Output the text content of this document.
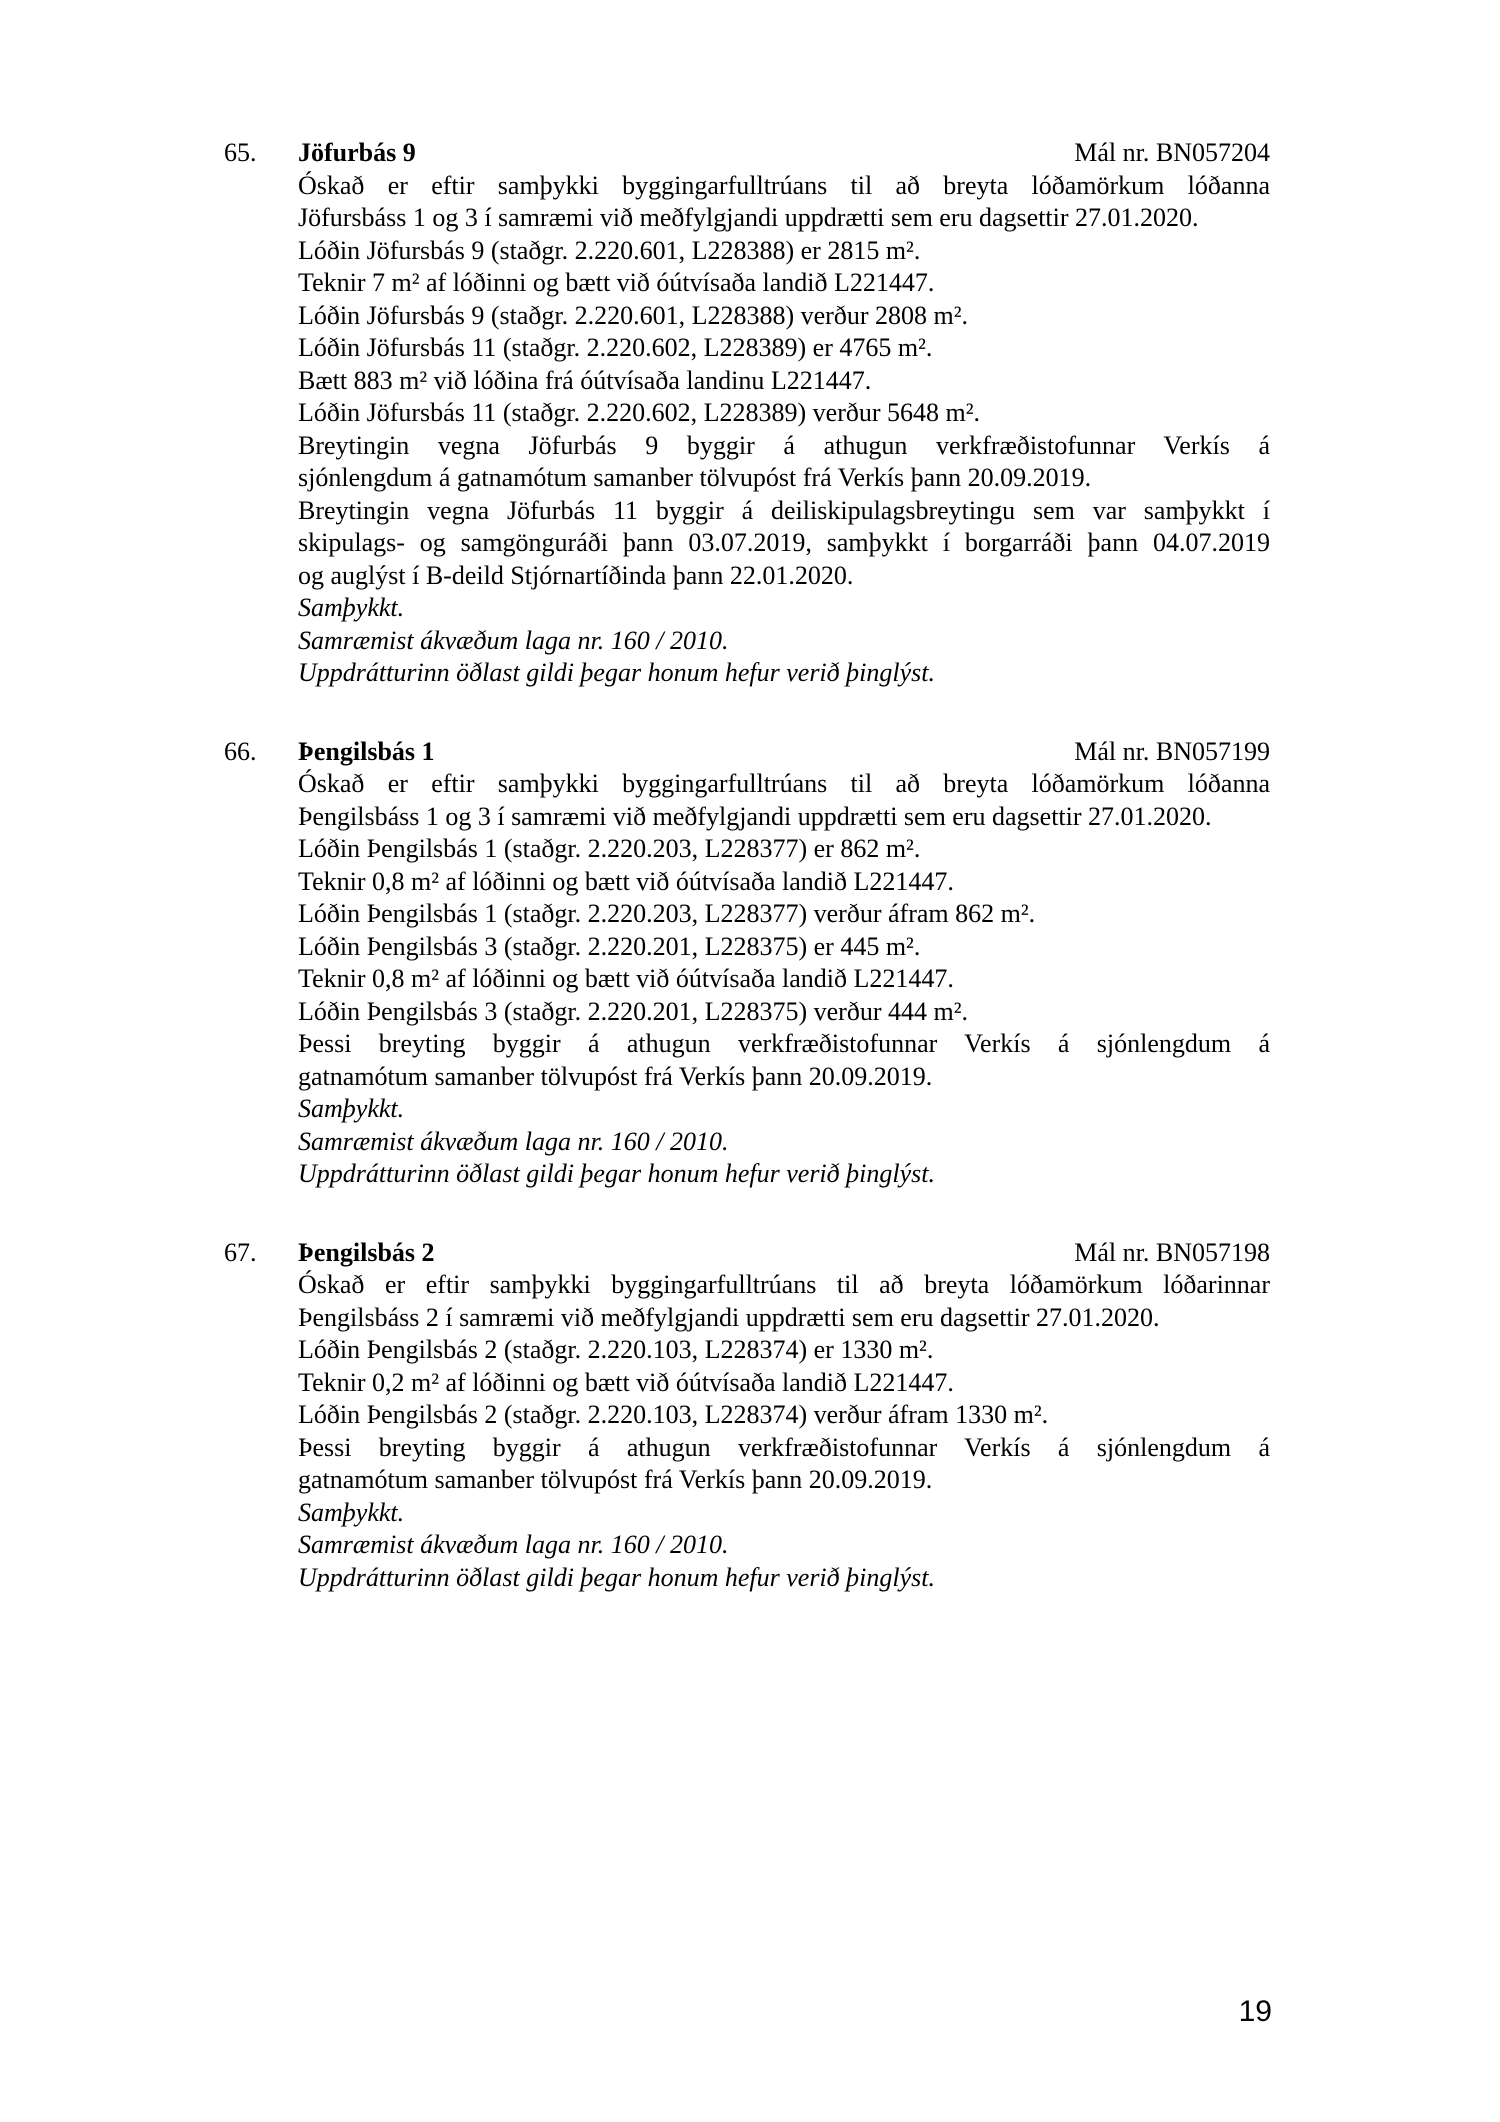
65.	Jöfurbás 9	Mál nr. BN057204
Óskað er eftir samþykki byggingarfulltrúans til að breyta lóðamörkum lóðanna
Jöfursbáss 1 og 3 í samræmi við meðfylgjandi uppdrætti sem eru dagsettir 27.01.2020.
Lóðin Jöfursbás 9 (staðgr. 2.220.601, L228388) er 2815 m².
Teknir 7 m² af lóðinni og bætt við óútvísaða landið L221447.
Lóðin Jöfursbás 9 (staðgr. 2.220.601, L228388) verður 2808 m².
Lóðin Jöfursbás 11 (staðgr. 2.220.602, L228389) er 4765 m².
Bætt 883 m² við lóðina frá óútvísaða landinu L221447.
Lóðin Jöfursbás 11 (staðgr. 2.220.602, L228389) verður 5648 m².
Breytingin vegna Jöfurbás 9 byggir á athugun verkfræðistofunnar Verkís á
sjónlengdum á gatnamótum samanber tölvupóst frá Verkís þann 20.09.2019.
Breytingin vegna Jöfurbás 11 byggir á deiliskipulagsbreytingu sem var samþykkt í
skipulags- og samgönguráði þann 03.07.2019, samþykkt í borgarráði þann 04.07.2019
og auglýst í B-deild Stjórnartíðinda þann 22.01.2020.
Samþykkt.
Samræmist ákvæðum laga nr. 160 / 2010.
Uppdrátturinn öðlast gildi þegar honum hefur verið þinglýst.
66.	Þengilsbás 1	Mál nr. BN057199
Óskað er eftir samþykki byggingarfulltrúans til að breyta lóðamörkum lóðanna
Þengilsbáss 1 og 3 í samræmi við meðfylgjandi uppdrætti sem eru dagsettir 27.01.2020.
Lóðin Þengilsbás 1 (staðgr. 2.220.203, L228377) er 862 m².
Teknir 0,8 m² af lóðinni og bætt við óútvísaða landið L221447.
Lóðin Þengilsbás 1 (staðgr. 2.220.203, L228377) verður áfram 862 m².
Lóðin Þengilsbás 3 (staðgr. 2.220.201, L228375) er 445 m².
Teknir 0,8 m² af lóðinni og bætt við óútvísaða landið L221447.
Lóðin Þengilsbás 3 (staðgr. 2.220.201, L228375) verður 444 m².
Þessi breyting byggir á athugun verkfræðistofunnar Verkís á sjónlengdum á
gatnamótum samanber tölvupóst frá Verkís þann 20.09.2019.
Samþykkt.
Samræmist ákvæðum laga nr. 160 / 2010.
Uppdrátturinn öðlast gildi þegar honum hefur verið þinglýst.
67.	Þengilsbás 2	Mál nr. BN057198
Óskað er eftir samþykki byggingarfulltrúans til að breyta lóðamörkum lóðarinnar
Þengilsbáss 2 í samræmi við meðfylgjandi uppdrætti sem eru dagsettir 27.01.2020.
Lóðin Þengilsbás 2 (staðgr. 2.220.103, L228374) er 1330 m².
Teknir 0,2 m² af lóðinni og bætt við óútvísaða landið L221447.
Lóðin Þengilsbás 2 (staðgr. 2.220.103, L228374) verður áfram 1330 m².
Þessi breyting byggir á athugun verkfræðistofunnar Verkís á sjónlengdum á
gatnamótum samanber tölvupóst frá Verkís þann 20.09.2019.
Samþykkt.
Samræmist ákvæðum laga nr. 160 / 2010.
Uppdrátturinn öðlast gildi þegar honum hefur verið þinglýst.
19
